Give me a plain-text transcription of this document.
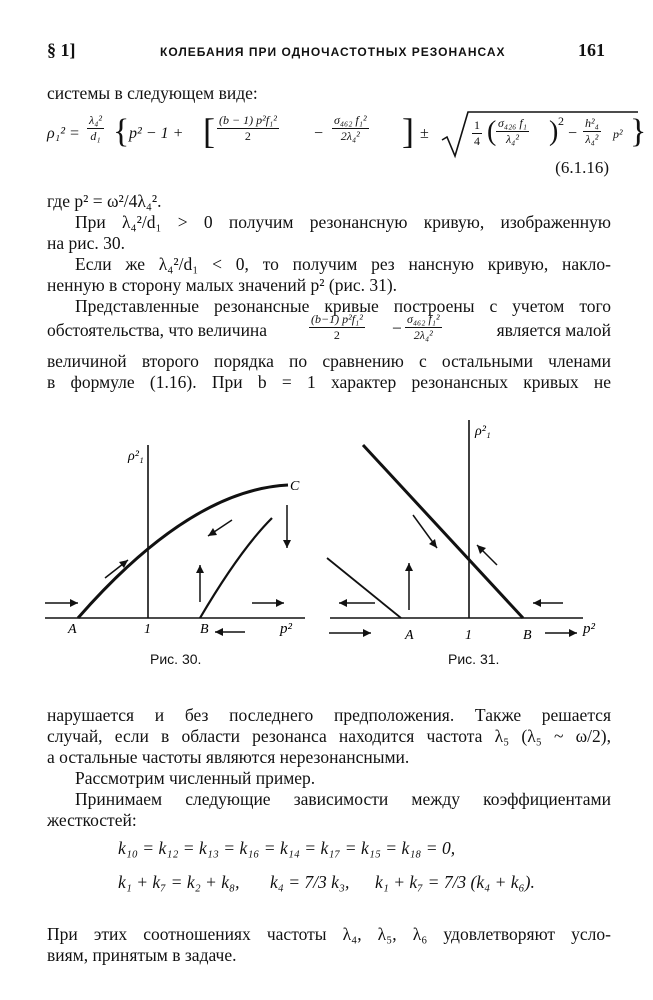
§ 1]	КОЛЕБАНИЯ ПРИ ОДНОЧАСТОТНЫХ РЕЗОНАНСАХ	161
системы в следующем виде:
$\rho_1^2 = \frac{\text{λ₄²}}{\text{d₁}}$ { p² − 1 + [ $\frac{\text{(b − 1) p²f₁²}}{2} - \frac{\text{σ₄₆₂ f₁²}}{\text{2λ₄²}}$ ] ±	$\frac{1}{4}$ ( $\frac{\text{σ₄₂₆ f₁}}{\text{λ₄²}}$ ) 2
− $\frac{\text{h²₄}}{\text{λ₄²}} p^2$ }
(6.1.16)
где p² = ω²/4λ₄².
При λ₄²/d₁ > 0 получим резонансную кривую, изображенную
на рис. 30.
Если же λ₄²/d₁ < 0, то получим рез нансную кривую, накло-
ненную в сторону малых значений p² (рис. 31).
Представленные резонансные кривые построены с учетом того
обстоятельства, что величина	$\frac{\text{(b−1) p²f₁²}}{2} - \frac{\text{σ₄₆₂ f₁²}}{\text{2λ₄²}}$	является малой
величиной второго порядка по сравнению с остальными членами
в формуле (1.16). При b = 1 характер резонансных кривых не
ρ²₁
p²
A	1	B
C
Рис. 30.
ρ²₁
p²
A	1	B
Рис. 31.
нарушается и без последнего предположения. Также решается
случай, если в области резонанса находится частота λ₅ (λ₅ ~ ω/2),
а остальные частоты являются нерезонансными.
Рассмотрим численный пример.
Принимаем следующие зависимости между коэффициентами
жесткостей:
k₁₀ = k₁₂ = k₁₃ = k₁₆ = k₁₄ = k₁₇ = k₁₅ = k₁₈ = 0,
k₁ + k₇ = k₂ + k₈, k₄ = 7/3 k₃, k₁ + k₇ = 7/3 (k₄ + k₆).
При этих соотношениях частоты λ₄, λ₅, λ₆ удовлетворяют усло-
виям, принятым в задаче.
